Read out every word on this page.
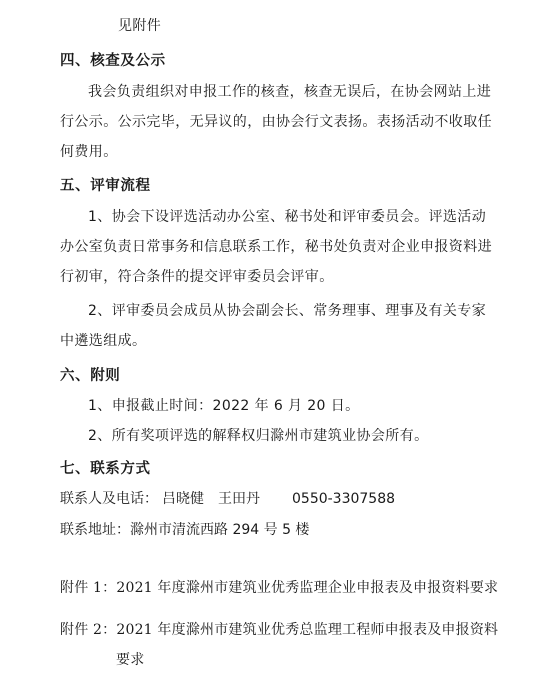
见附件
四、核查及公示
我会负责组织对申报工作的核查，核查无误后，在协会网站上进
行公示。公示完毕，无异议的，由协会行文表扬。表扬活动不收取任
何费用。
五、评审流程
1、协会下设评选活动办公室、秘书处和评审委员会。评选活动
办公室负责日常事务和信息联系工作，秘书处负责对企业申报资料进
行初审，符合条件的提交评审委员会评审。
2、评审委员会成员从协会副会长、常务理事、理事及有关专家
中遴选组成。
六、附则
1、申报截止时间：2022 年 6 月 20 日。
2、所有奖项评选的解释权归滁州市建筑业协会所有。
七、联系方式
联系人及电话： 吕晓健　王田丹 0550-3307588
联系地址：滁州市清流西路 294 号 5 楼
附件 1：2021 年度滁州市建筑业优秀监理企业申报表及申报资料要求
附件 2：2021 年度滁州市建筑业优秀总监理工程师申报表及申报资料
要求
